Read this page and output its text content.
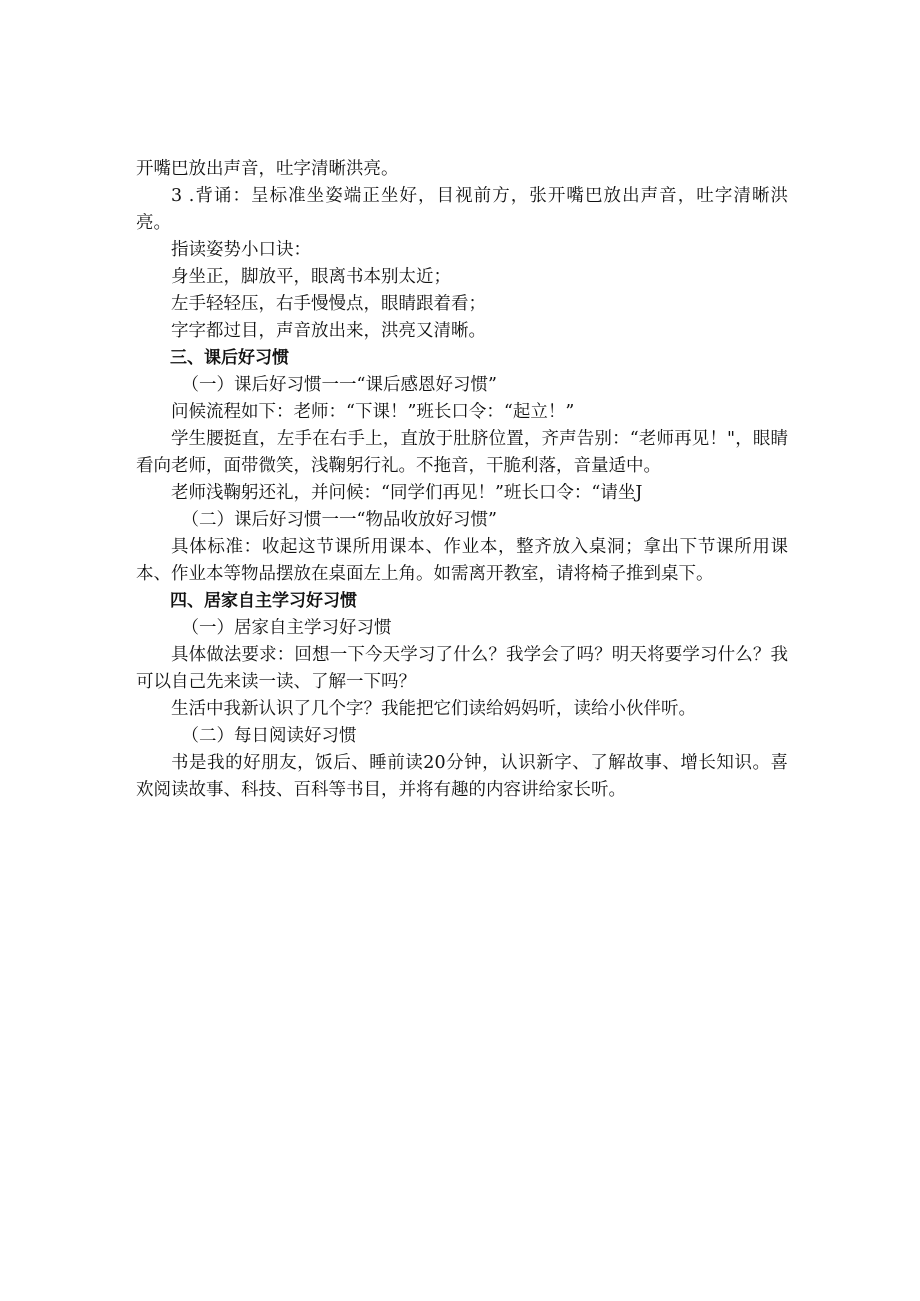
开嘴巴放出声音，吐字清晰洪亮。

3 .背诵：呈标准坐姿端正坐好，目视前方，张开嘴巴放出声音，吐字清晰洪亮。

指读姿势小口诀：

身坐正，脚放平，眼离书本别太近；

左手轻轻压，右手慢慢点，眼睛跟着看；

字字都过目，声音放出来，洪亮又清晰。

三、课后好习惯

（一）课后好习惯一一“课后感恩好习惯”

问候流程如下：老师：“下课！”班长口令：“起立！”

学生腰挺直，左手在右手上，直放于肚脐位置，齐声告别：“老师再见！"，眼睛看向老师，面带微笑，浅鞠躬行礼。不拖音，干脆利落，音量适中。

老师浅鞠躬还礼，并问候：“同学们再见！”班长口令：“请坐J

（二）课后好习惯一一“物品收放好习惯”

具体标准：收起这节课所用课本、作业本，整齐放入桌洞；拿出下节课所用课本、作业本等物品摆放在桌面左上角。如需离开教室，请将椅子推到桌下。

四、居家自主学习好习惯

（一）居家自主学习好习惯

具体做法要求：回想一下今天学习了什么？我学会了吗？明天将要学习什么？我可以自己先来读一读、了解一下吗？

生活中我新认识了几个字？我能把它们读给妈妈听，读给小伙伴听。

（二）每日阅读好习惯

书是我的好朋友，饭后、睡前读20分钟，认识新字、了解故事、增长知识。喜欢阅读故事、科技、百科等书目，并将有趣的内容讲给家长听。
